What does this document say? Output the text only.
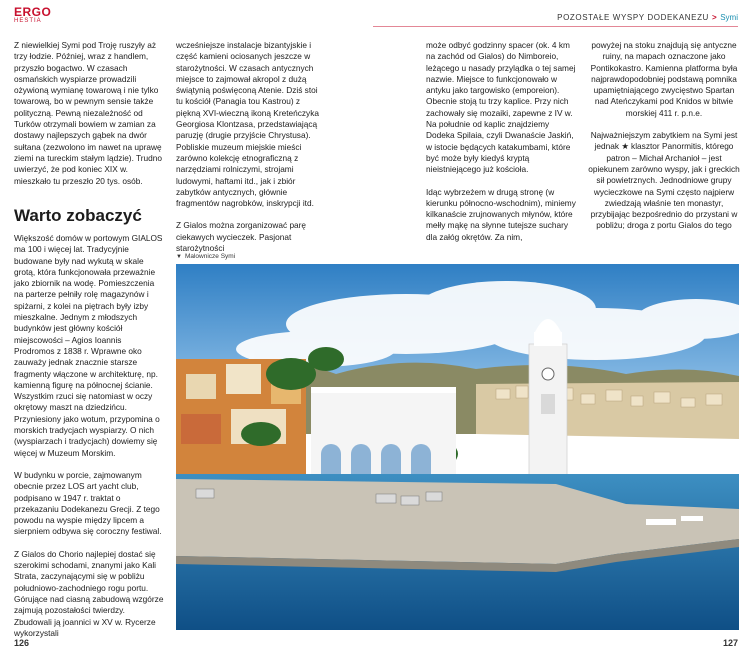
ERGO
HESTIA	POZOSTAŁE WYSPY DODEKANEZU > Symi

Z niewielkiej Symi pod Troję ruszyły aż trzy łodzie. Później, wraz z handlem, przyszło bogactwo. W czasach osmańskich wyspiarze prowadzili ożywioną wymianę towarową i nie tylko towarową, bo w pewnym sensie także polityczną. Pewną niezależność od Turków otrzymali bowiem w zamian za dostawy najlepszych gąbek na dwór sułtana (zezwolono im nawet na uprawę ziemi na tureckim stałym lądzie). Trudno uwierzyć, że pod koniec XIX w. mieszkało tu przeszło 20 tys. osób.

Warto zobaczyć

Większość domów w portowym GIALOS ma 100 i więcej lat. Tradycyjnie budowane były nad wykutą w skale grotą, która funkcjonowała przeważnie jako zbiornik na wodę. Pomieszczenia na parterze pełniły rolę magazynów i spiżarni, z kolei na piętrach były izby mieszkalne. Jednym z młodszych budynków jest główny kościół miejscowości – Agios Ioannis Prodromos z 1838 r. Wprawne oko zauważy jednak znacznie starsze fragmenty włączone w architekturę, np. kamienną figurę na północnej ścianie. Wszystkim rzuci się natomiast w oczy okrętowy maszt na dziedzińcu. Przyniesiony jako wotum, przypomina o morskich tradycjach wyspiarzy. O nich (wyspiarzach i tradycjach) dowiemy się więcej w Muzeum Morskim.

W budynku w porcie, zajmowanym obecnie przez LOS art yacht club, podpisano w 1947 r. traktat o przekazaniu Dodekanezu Grecji. Z tego powodu na wyspie między lipcem a sierpniem odbywa się coroczny festiwal.

Z Gialos do Chorio najlepiej dostać się szerokimi schodami, znanymi jako Kali Strata, zaczynającymi się w pobliżu południowo-zachodniego rogu portu. Górujące nad ciasną zabudową wzgórze zajmują pozostałości twierdzy. Zbudowali ją joannici w XV w. Rycerze wykorzystali

wcześniejsze instalacje bizantyjskie i część kamieni ociosanych jeszcze w starożytności. W czasach antycznych miejsce to zajmował akropol z dużą świątynią poświęconą Atenie. Dziś stoi tu kościół (Panagia tou Kastrou) z piękną XVI-wieczną ikoną Kreteńczyka Georgiosa Klontzasa, przedstawiającą paruzję (drugie przyjście Chrystusa). Pobliskie muzeum miejskie mieści zarówno kolekcję etnograficzną z narzędziami rolniczymi, strojami ludowymi, haftami itd., jak i zbiór zabytków antycznych, głównie fragmentów nagrobków, inskrypcji itd.

Z Gialos można zorganizować parę ciekawych wycieczek. Pasjonat starożytności

może odbyć godzinny spacer (ok. 4 km na zachód od Gialos) do Nimboreio, leżącego u nasady przylądka o tej samej nazwie. Miejsce to funkcjonowało w antyku jako targowisko (emporeion). Obecnie stoją tu trzy kaplice. Przy nich zachowały się mozaiki, zapewne z IV w. Na południe od kaplic znajdziemy Dodeka Spilaia, czyli Dwanaście Jaskiń, w istocie będących katakumbami, które być może były kiedyś kryptą nieistniejącego już kościoła.

Idąc wybrzeżem w drugą stronę (w kierunku północno-wschodnim), miniemy kilkanaście zrujnowanych młynów, które mełły mąkę na słynne tutejsze suchary dla załóg okrętów. Za nim,

powyżej na stoku znajdują się antyczne ruiny, na mapach oznaczone jako Pontikokastro. Kamienna platforma była najprawdopodobniej podstawą pomnika upamiętniającego zwycięstwo Spartan nad Ateńczykami pod Knidos w bitwie morskiej 411 r. p.n.e.

Najważniejszym zabytkiem na Symi jest jednak ★ klasztor Panormitis, którego patron – Michał Archanioł – jest opiekunem zarówno wyspy, jak i greckich sił powietrznych. Jednodniowe grupy wycieczkowe na Symi często najpierw zwiedzają właśnie ten monastyr, przybijając bezpośrednio do przystani w pobliżu; droga z portu Gialos do tego

▼ Malownicze Symi
126	127
